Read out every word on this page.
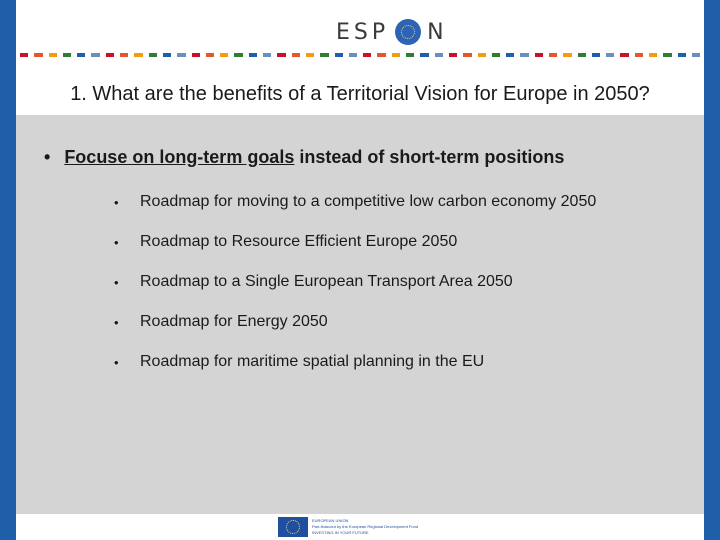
ESP N
1. What are the benefits of a Territorial Vision for Europe in 2050?
• Focuse on long-term goals instead of short-term positions
•	Roadmap for moving to a competitive low carbon economy 2050
•	Roadmap to Resource Efficient Europe 2050
•	Roadmap to a Single European Transport Area 2050
•	Roadmap for Energy 2050
•	Roadmap for maritime spatial planning in the EU
EUROPEAN UNION
Part-financed by the European Regional Development Fund
INVESTING IN YOUR FUTURE
